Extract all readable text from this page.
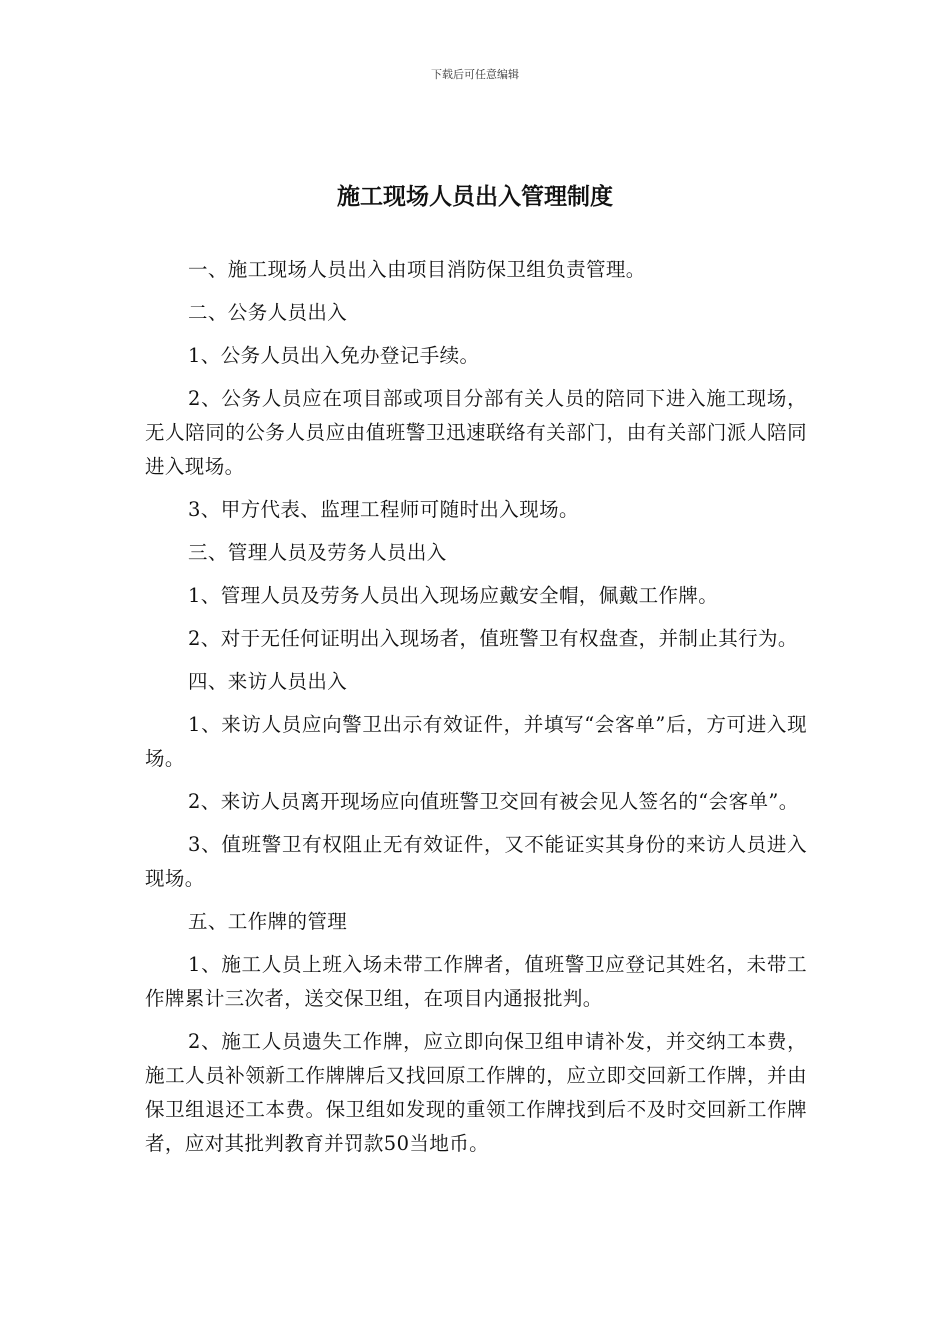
下载后可任意编辑
施工现场人员出入管理制度

一、施工现场人员出入由项目消防保卫组负责管理。

二、公务人员出入

1、公务人员出入免办登记手续。

2、公务人员应在项目部或项目分部有关人员的陪同下进入施工现场，无人陪同的公务人员应由值班警卫迅速联络有关部门，由有关部门派人陪同进入现场。

3、甲方代表、监理工程师可随时出入现场。

三、管理人员及劳务人员出入

1、管理人员及劳务人员出入现场应戴安全帽，佩戴工作牌。

2、对于无任何证明出入现场者，值班警卫有权盘查，并制止其行为。

四、来访人员出入

1、来访人员应向警卫出示有效证件，并填写“会客单”后，方可进入现场。

2、来访人员离开现场应向值班警卫交回有被会见人签名的“会客单”。

3、值班警卫有权阻止无有效证件，又不能证实其身份的来访人员进入现场。

五、工作牌的管理

1、施工人员上班入场未带工作牌者，值班警卫应登记其姓名，未带工作牌累计三次者，送交保卫组，在项目内通报批判。

2、施工人员遗失工作牌，应立即向保卫组申请补发，并交纳工本费，施工人员补领新工作牌牌后又找回原工作牌的，应立即交回新工作牌，并由保卫组退还工本费。保卫组如发现的重领工作牌找到后不及时交回新工作牌者，应对其批判教育并罚款50当地币。
